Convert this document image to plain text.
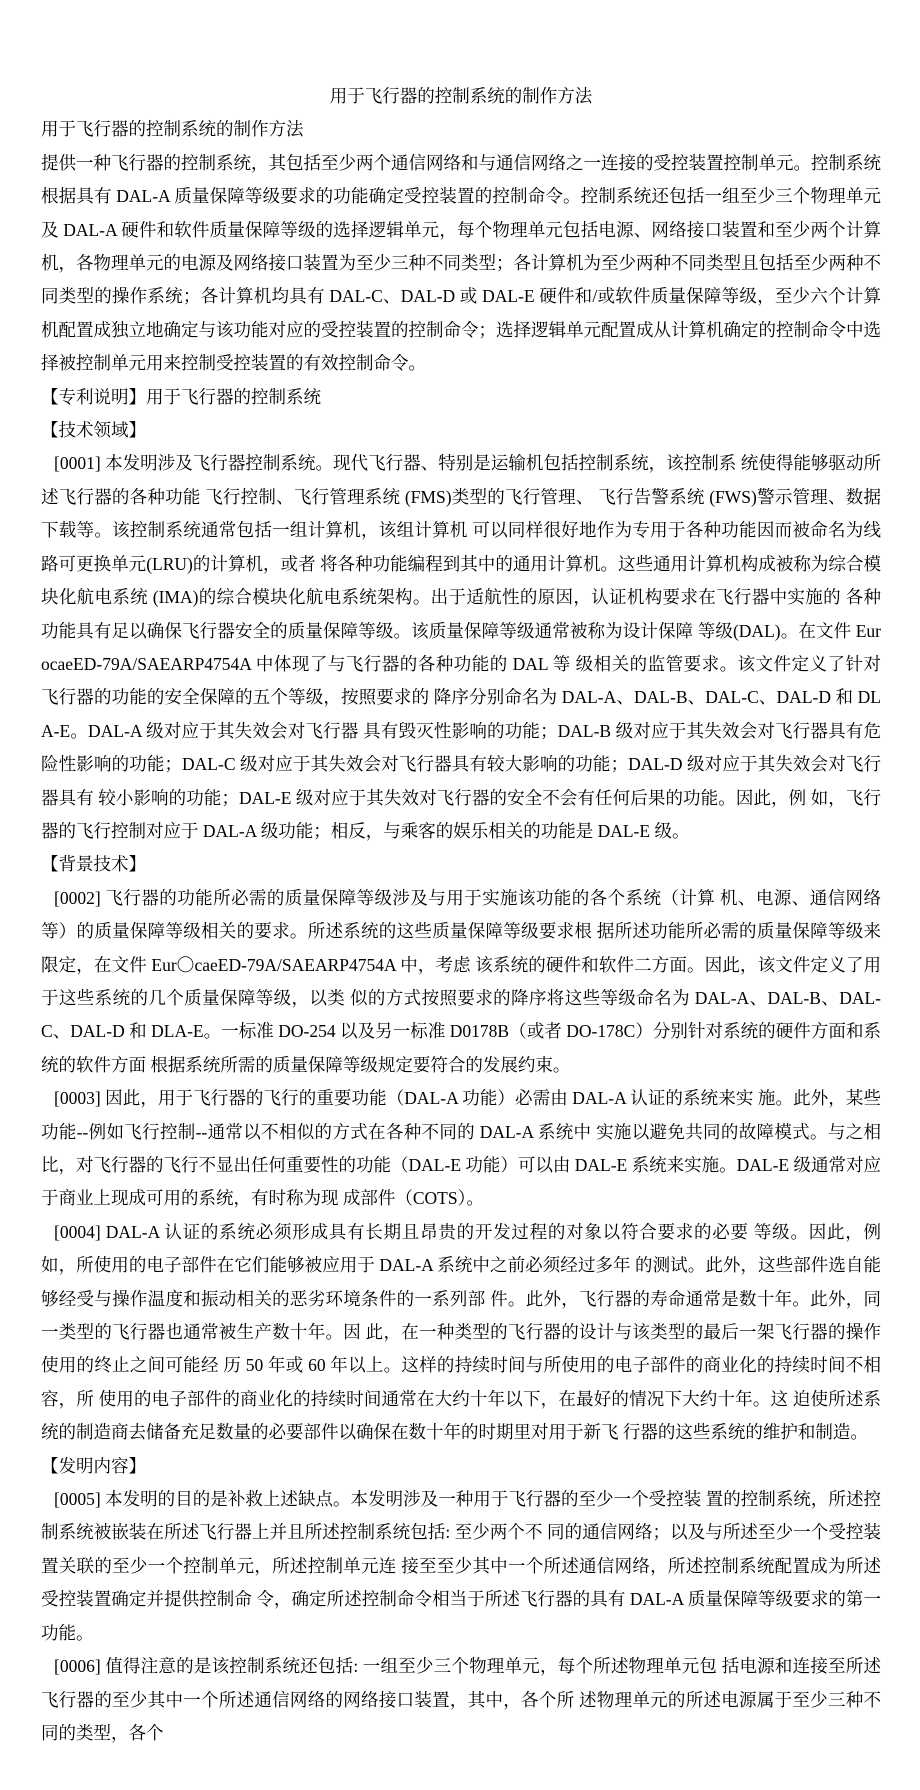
用于飞行器的控制系统的制作方法

用于飞行器的控制系统的制作方法

提供一种飞行器的控制系统，其包括至少两个通信网络和与通信网络之一连接的受控装置控制单元。控制系统根据具有 DAL-A 质量保障等级要求的功能确定受控装置的控制命令。控制系统还包括一组至少三个物理单元及 DAL-A 硬件和软件质量保障等级的选择逻辑单元，每个物理单元包括电源、网络接口装置和至少两个计算机，各物理单元的电源及网络接口装置为至少三种不同类型；各计算机为至少两种不同类型且包括至少两种不同类型的操作系统；各计算机均具有 DAL-C、DAL-D 或 DAL-E 硬件和/或软件质量保障等级，至少六个计算机配置成独立地确定与该功能对应的受控装置的控制命令；选择逻辑单元配置成从计算机确定的控制命令中选择被控制单元用来控制受控装置的有效控制命令。

【专利说明】用于飞行器的控制系统

【技术领域】

[0001] 本发明涉及飞行器控制系统。现代飞行器、特别是运输机包括控制系统，该控制系 统使得能够驱动所述飞行器的各种功能 飞行控制、飞行管理系统 (FMS)类型的飞行管理、 飞行告警系统 (FWS)警示管理、数据下载等。该控制系统通常包括一组计算机，该组计算机 可以同样很好地作为专用于各种功能因而被命名为线路可更换单元(LRU)的计算机，或者 将各种功能编程到其中的通用计算机。这些通用计算机构成被称为综合模块化航电系统 (IMA)的综合模块化航电系统架构。出于适航性的原因，认证机构要求在飞行器中实施的 各种功能具有足以确保飞行器安全的质量保障等级。该质量保障等级通常被称为设计保障 等级(DAL)。在文件 EurocaeED-79A/SAEARP4754A 中体现了与飞行器的各种功能的 DAL 等 级相关的监管要求。该文件定义了针对飞行器的功能的安全保障的五个等级，按照要求的 降序分别命名为 DAL-A、DAL-B、DAL-C、DAL-D 和 DLA-E。DAL-A 级对应于其失效会对飞行器 具有毁灭性影响的功能；DAL-B 级对应于其失效会对飞行器具有危险性影响的功能；DAL-C 级对应于其失效会对飞行器具有较大影响的功能；DAL-D 级对应于其失效会对飞行器具有 较小影响的功能；DAL-E 级对应于其失效对飞行器的安全不会有任何后果的功能。因此，例 如，飞行器的飞行控制对应于 DAL-A 级功能；相反，与乘客的娱乐相关的功能是 DAL-E 级。

【背景技术】

[0002] 飞行器的功能所必需的质量保障等级涉及与用于实施该功能的各个系统（计算 机、电源、通信网络等）的质量保障等级相关的要求。所述系统的这些质量保障等级要求根 据所述功能所必需的质量保障等级来限定，在文件 Eur〇caeED-79A/SAEARP4754A 中，考虑 该系统的硬件和软件二方面。因此，该文件定义了用于这些系统的几个质量保障等级，以类 似的方式按照要求的降序将这些等级命名为 DAL-A、DAL-B、DAL-C、DAL-D 和 DLA-E。一标准 DO-254 以及另一标准 D0178B（或者 DO-178C）分别针对系统的硬件方面和系统的软件方面 根据系统所需的质量保障等级规定要符合的发展约束。

[0003] 因此，用于飞行器的飞行的重要功能（DAL-A 功能）必需由 DAL-A 认证的系统来实 施。此外，某些功能--例如飞行控制--通常以不相似的方式在各种不同的 DAL-A 系统中 实施以避免共同的故障模式。与之相比，对飞行器的飞行不显出任何重要性的功能（DAL-E 功能）可以由 DAL-E 系统来实施。DAL-E 级通常对应于商业上现成可用的系统，有时称为现 成部件（COTS）。

[0004] DAL-A 认证的系统必须形成具有长期且昂贵的开发过程的对象以符合要求的必要 等级。因此，例如，所使用的电子部件在它们能够被应用于 DAL-A 系统中之前必须经过多年 的测试。此外，这些部件选自能够经受与操作温度和振动相关的恶劣环境条件的一系列部 件。此外，飞行器的寿命通常是数十年。此外，同一类型的飞行器也通常被生产数十年。因 此，在一种类型的飞行器的设计与该类型的最后一架飞行器的操作使用的终止之间可能经 历 50 年或 60 年以上。这样的持续时间与所使用的电子部件的商业化的持续时间不相容，所 使用的电子部件的商业化的持续时间通常在大约十年以下，在最好的情况下大约十年。这 迫使所述系统的制造商去储备充足数量的必要部件以确保在数十年的时期里对用于新飞 行器的这些系统的维护和制造。

【发明内容】

[0005] 本发明的目的是补救上述缺点。本发明涉及一种用于飞行器的至少一个受控装 置的控制系统，所述控制系统被嵌装在所述飞行器上并且所述控制系统包括: 至少两个不 同的通信网络；以及与所述至少一个受控装置关联的至少一个控制单元，所述控制单元连 接至至少其中一个所述通信网络，所述控制系统配置成为所述受控装置确定并提供控制命 令，确定所述控制命令相当于所述飞行器的具有 DAL-A 质量保障等级要求的第一功能。

[0006] 值得注意的是该控制系统还包括: 一组至少三个物理单元，每个所述物理单元包 括电源和连接至所述飞行器的至少其中一个所述通信网络的网络接口装置，其中，各个所 述物理单元的所述电源属于至少三种不同的类型，各个
